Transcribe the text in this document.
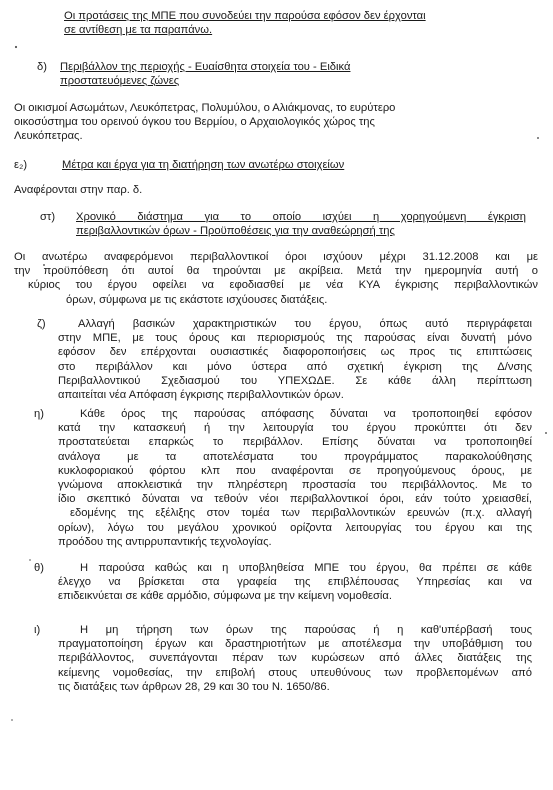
Οι προτάσεις της ΜΠΕ που συνοδεύει την παρούσα εφόσον δεν έρχονται
σε αντίθεση με τα παραπάνω.
δ) Περιβάλλον της περιοχής - Ευαίσθητα στοιχεία του - Ειδικά
προστατευόμενες ζώνες
Οι οικισμοί Ασωμάτων, Λευκόπετρας, Πολυμύλου, ο Αλιάκμονας, το ευρύτερο
οικοσύστημα του ορεινού όγκου του Βερμίου, ο Αρχαιολογικός χώρος της
Λευκόπετρας.
ε₂)	Μέτρα και έργα για τη διατήρηση των ανωτέρω στοιχείων
Αναφέρονται στην παρ. δ.
στ) Χρονικό διάστημα για το οποίο ισχύει η χορηγούμενη έγκριση
περιβαλλοντικών όρων - Προϋποθέσεις για την αναθεώρησή της
Οι ανωτέρω αναφερόμενοι περιβαλλοντικοί όροι ισχύουν μέχρι 31.12.2008 και με
την προϋπόθεση ότι αυτοί θα τηρούνται με ακρίβεια. Μετά την ημερομηνία αυτή ο
κύριος του έργου οφείλει να εφοδιασθεί με νέα ΚΥΑ έγκρισης περιβαλλοντικών
όρων, σύμφωνα με τις εκάστοτε ισχύουσες διατάξεις.
ζ)	Αλλαγή βασικών χαρακτηριστικών του έργου, όπως αυτό περιγράφεται
στην ΜΠΕ, με τους όρους και περιορισμούς της παρούσας είναι δυνατή μόνο
εφόσον δεν επέρχονται ουσιαστικές διαφοροποιήσεις ως προς τις επιπτώσεις
στο περιβάλλον και μόνο ύστερα από σχετική έγκριση της Δ/νσης
Περιβαλλοντικού Σχεδιασμού του ΥΠΕΧΩΔΕ. Σε κάθε άλλη περίπτωση
απαιτείται νέα Απόφαση έγκρισης περιβαλλοντικών όρων.
η)	Κάθε όρος της παρούσας απόφασης δύναται να τροποποιηθεί εφόσον
κατά την κατασκευή ή την λειτουργία του έργου προκύπτει ότι δεν
προστατεύεται επαρκώς το περιβάλλον. Επίσης δύναται να τροποποιηθεί
ανάλογα με τα αποτελέσματα του προγράμματος παρακολούθησης
κυκλοφοριακού φόρτου κλπ που αναφέρονται σε προηγούμενους όρους, με
γνώμονα αποκλειστικά την πληρέστερη προστασία του περιβάλλοντος. Με το
ίδιο σκεπτικό δύναται να τεθούν νέοι περιβαλλοντικοί όροι, εάν τούτο χρειασθεί,
εδομένης της εξέλιξης στον τομέα των περιβαλλοντικών ερευνών (π.χ. αλλαγή
ορίων), λόγω του μεγάλου χρονικού ορίζοντα λειτουργίας του έργου και της
προόδου της αντιρρυπαντικής τεχνολογίας.
θ)	Η παρούσα καθώς και η υποβληθείσα ΜΠΕ του έργου, θα πρέπει σε κάθε
έλεγχο να βρίσκεται στα γραφεία της επιβλέπουσας Υπηρεσίας και να
επιδεικνύεται σε κάθε αρμόδιο, σύμφωνα με την κείμενη νομοθεσία.
ι)	Η μη τήρηση των όρων της παρούσας ή η καθ'υπέρβασή τους
πραγματοποίηση έργων και δραστηριοτήτων με αποτέλεσμα την υποβάθμιση του
περιβάλλοντος, συνεπάγονται πέραν των κυρώσεων από άλλες διατάξεις της
κείμενης νομοθεσίας, την επιβολή στους υπευθύνους των προβλεπομένων από
τις διατάξεις των άρθρων 28, 29 και 30 του Ν. 1650/86.
